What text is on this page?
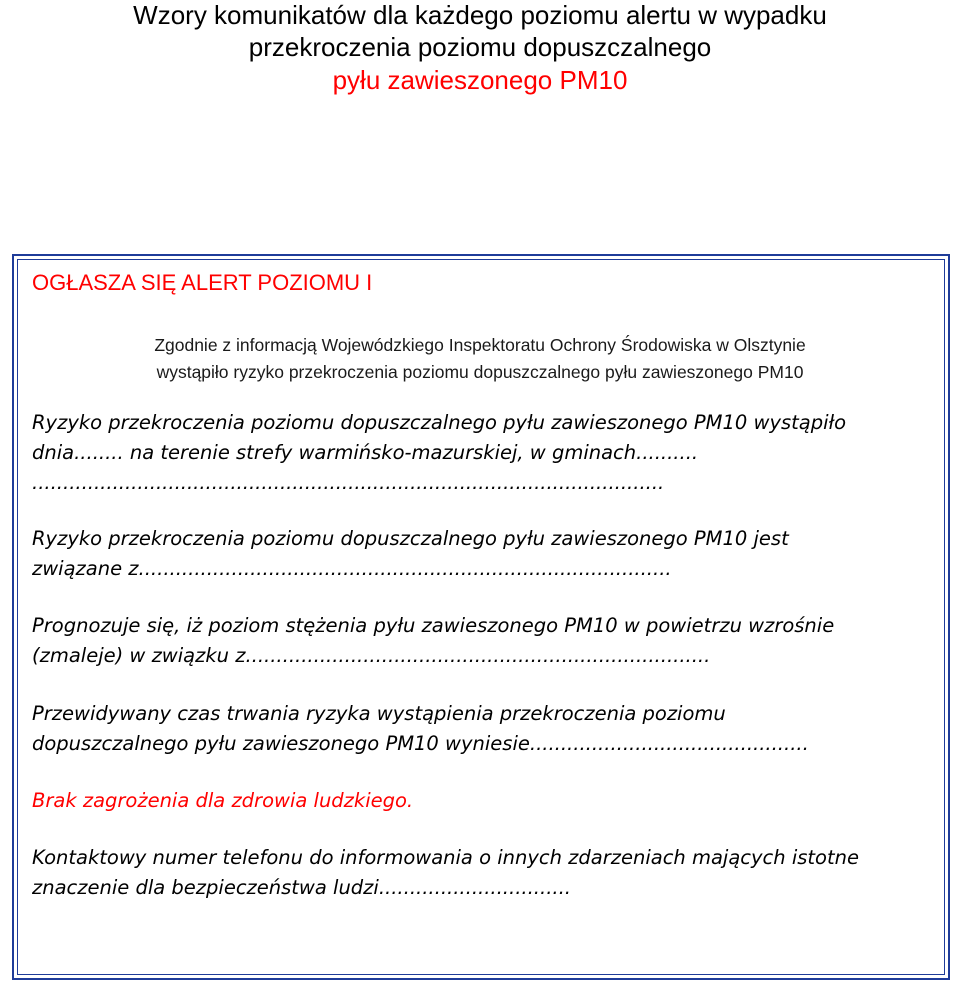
Wzory komunikatów dla każdego poziomu alertu w wypadku
przekroczenia poziomu dopuszczalnego
pyłu zawieszonego PM10
OGŁASZA SIĘ ALERT POZIOMU I
Zgodnie z informacją Wojewódzkiego Inspektoratu Ochrony Środowiska w Olsztynie
wystąpiło ryzyko przekroczenia poziomu dopuszczalnego pyłu zawieszonego PM10
Ryzyko przekroczenia poziomu dopuszczalnego pyłu zawieszonego PM10 wystąpiło
dnia........ na terenie strefy warmińsko-mazurskiej, w gminach..........
......................................................................................................
Ryzyko przekroczenia poziomu dopuszczalnego pyłu zawieszonego PM10 jest
związane z......................................................................................
Prognozuje się, iż poziom stężenia pyłu zawieszonego PM10 w powietrzu wzrośnie
(zmaleje) w związku z...........................................................................
Przewidywany czas trwania ryzyka wystąpienia przekroczenia poziomu
dopuszczalnego pyłu zawieszonego PM10 wyniesie.............................................
Brak zagrożenia dla zdrowia ludzkiego.
Kontaktowy numer telefonu do informowania o innych zdarzeniach mających istotne
znaczenie dla bezpieczeństwa ludzi...............................
